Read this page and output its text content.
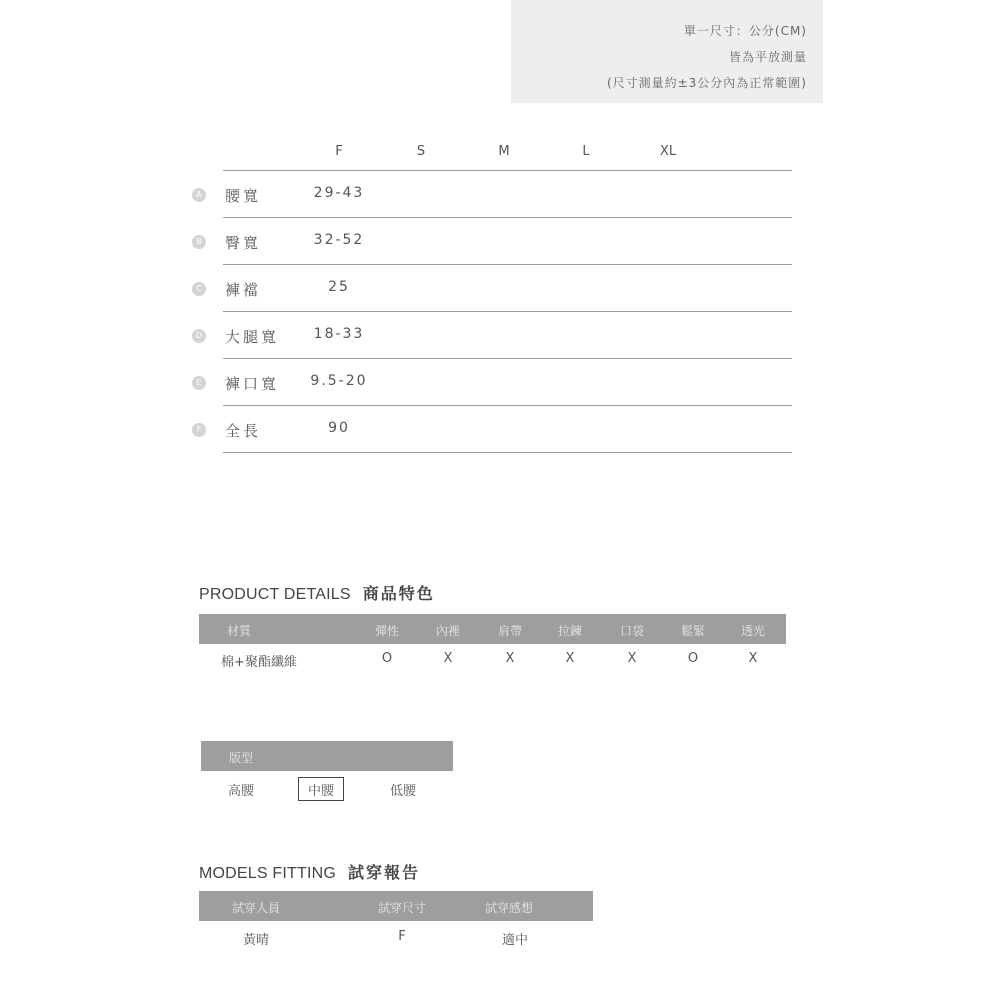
單一尺寸：公分(CM)
皆為平放測量
(尺寸測量約±3公分內為正常範圍)
F	S	M	L	XL
A 腰寬	29-43
B 臀寬	32-52
C 褲襠	25
D 大腿寬	18-33
E 褲口寬 9.5-20
F	全長	90
PRODUCT DETAILS 商品特色
材質	彈性	內裡	肩帶	拉鍊	口袋	鬆緊	透光
棉+聚酯纖維	O	X	X	X	X	O	X
版型
高腰	中腰	低腰
MODELS FITTING 試穿報告
試穿人員	試穿尺寸	試穿感想
黃晴	F	適中
